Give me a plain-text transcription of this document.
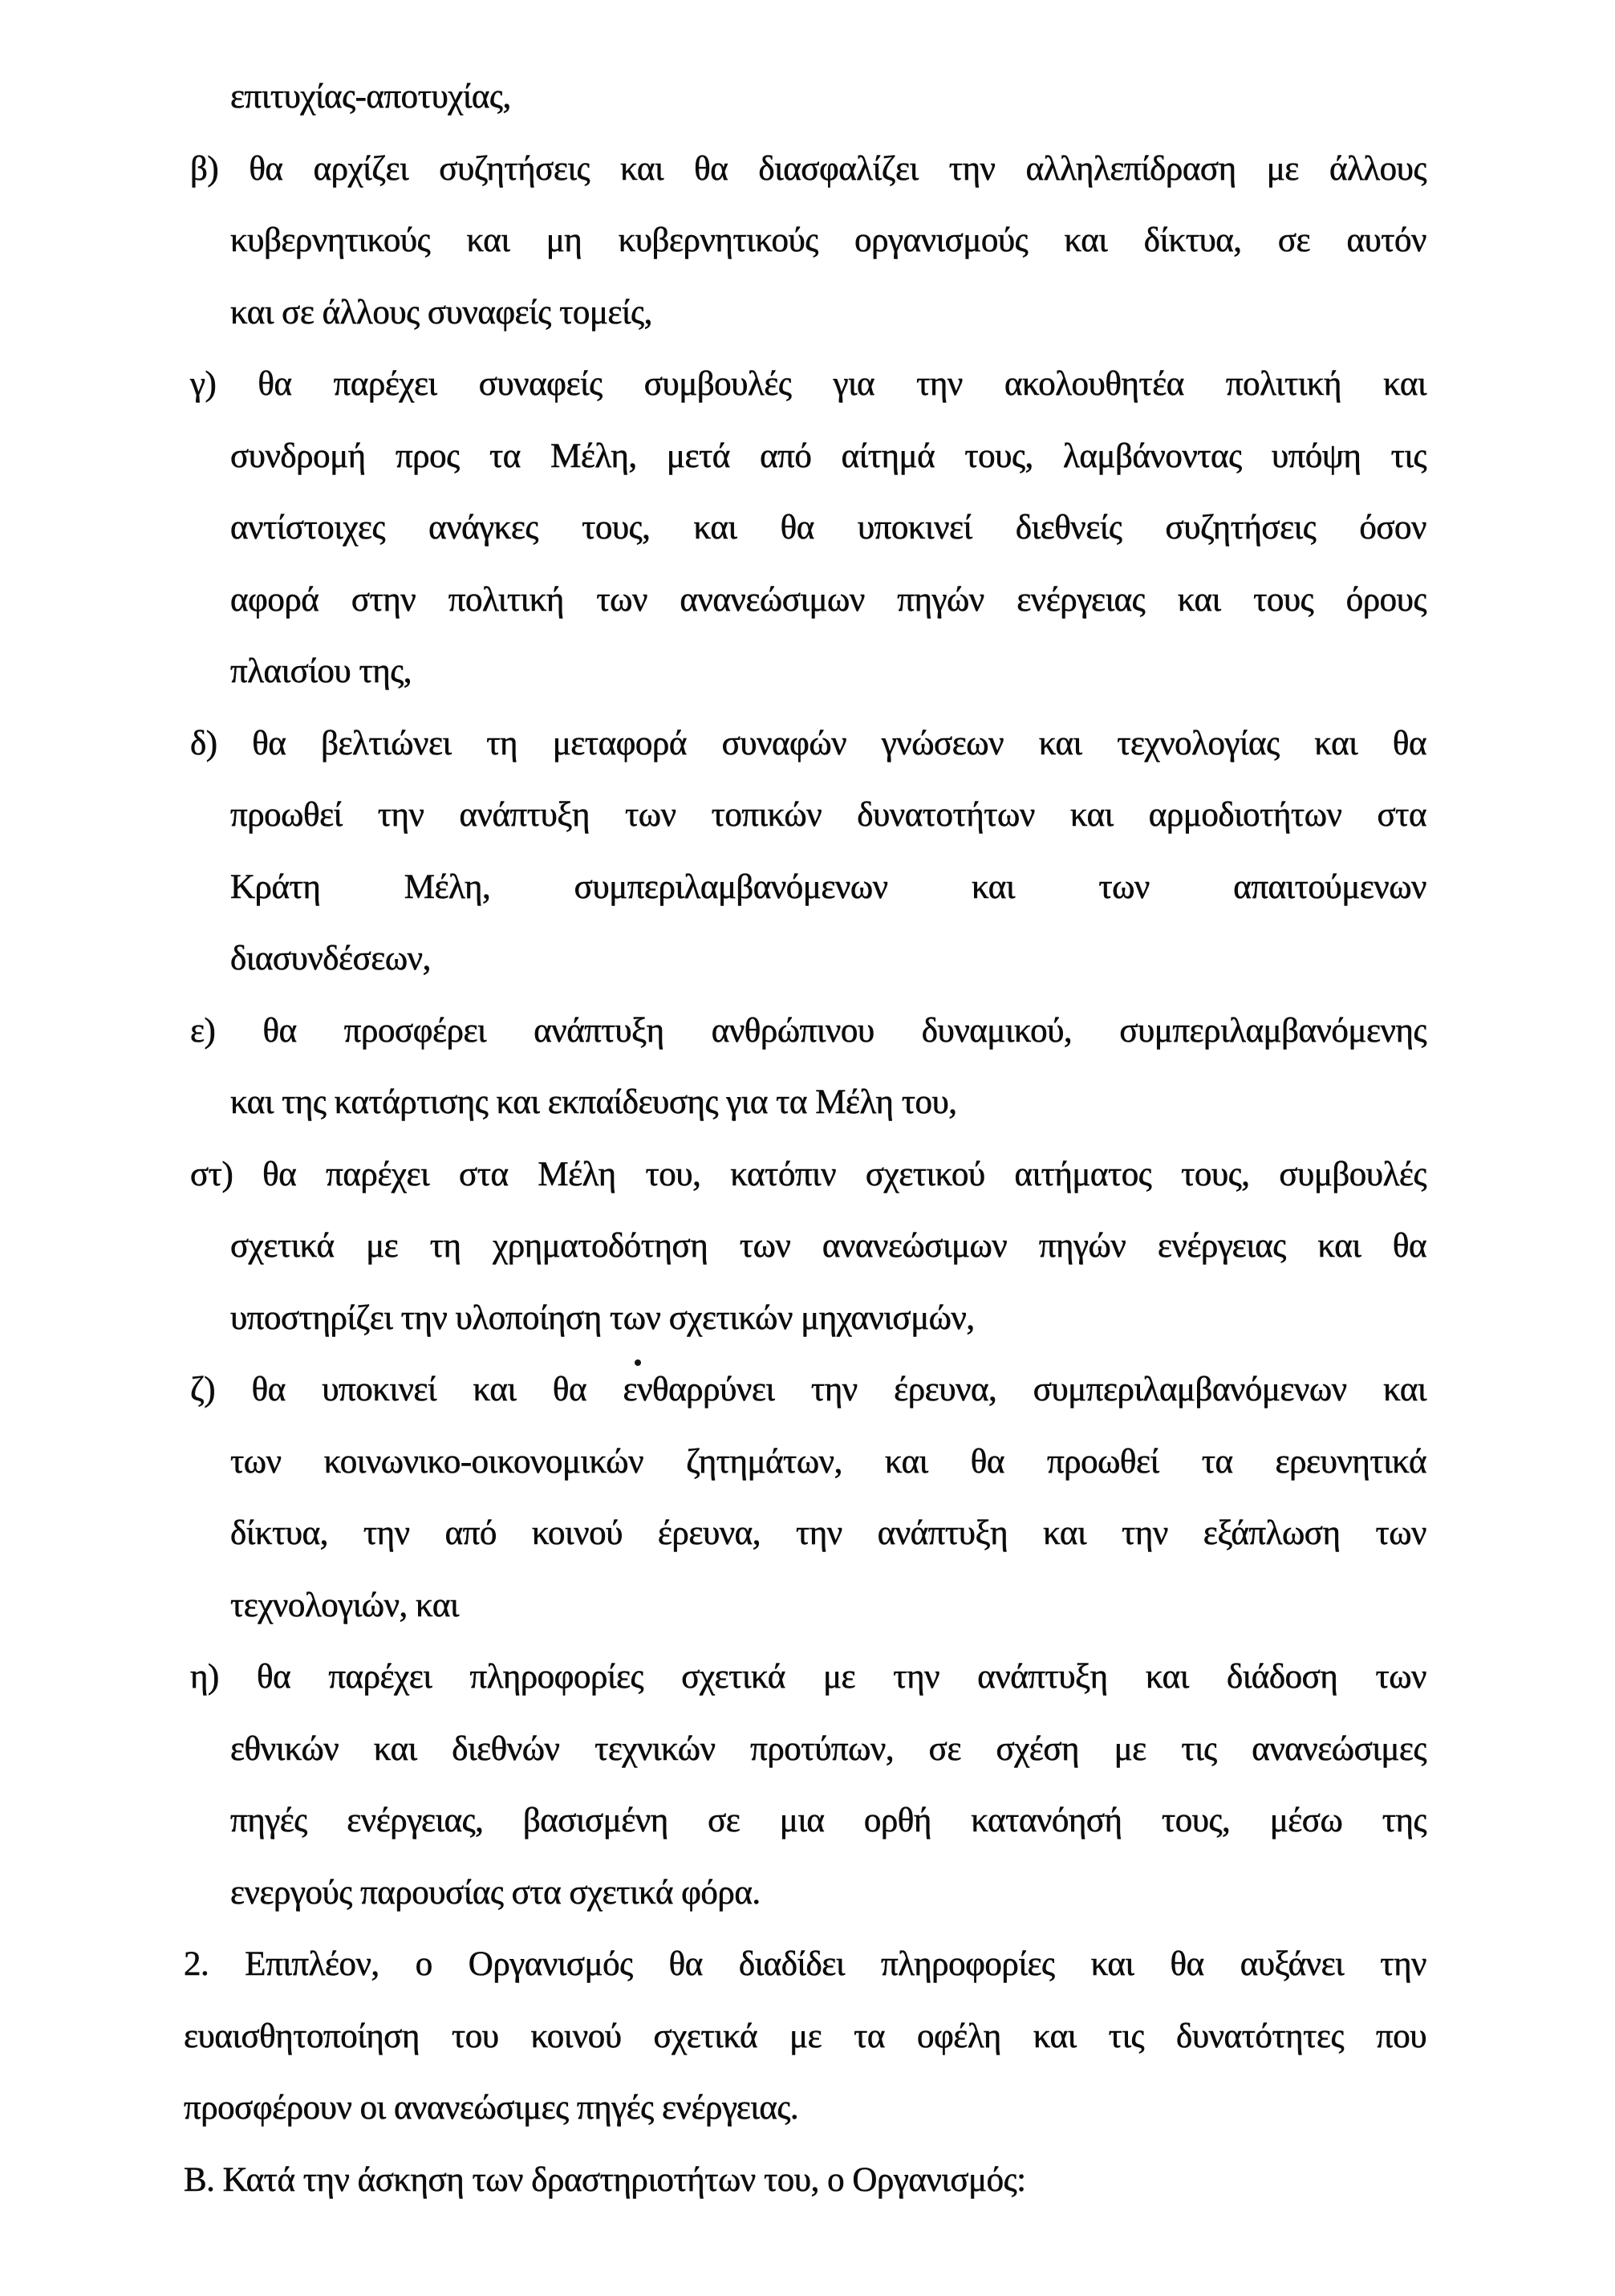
επιτυχίας-αποτυχίας,
β) θα αρχίζει συζητήσεις και θα διασφαλίζει την αλληλεπίδραση με άλλους
κυβερνητικούς και μη κυβερνητικούς οργανισμούς και δίκτυα, σε αυτόν
και σε άλλους συναφείς τομείς,
γ) θα παρέχει συναφείς συμβουλές για την ακολουθητέα πολιτική και
συνδρομή προς τα Μέλη, μετά από αίτημά τους, λαμβάνοντας υπόψη τις
αντίστοιχες ανάγκες τους, και θα υποκινεί διεθνείς συζητήσεις όσον
αφορά στην πολιτική των ανανεώσιμων πηγών ενέργειας και τους όρους
πλαισίου της,
δ) θα βελτιώνει τη μεταφορά συναφών γνώσεων και τεχνολογίας και θα
προωθεί την ανάπτυξη των τοπικών δυνατοτήτων και αρμοδιοτήτων στα
Κράτη Μέλη, συμπεριλαμβανόμενων και των απαιτούμενων
διασυνδέσεων,
ε) θα προσφέρει ανάπτυξη ανθρώπινου δυναμικού, συμπεριλαμβανόμενης
και της κατάρτισης και εκπαίδευσης για τα Μέλη του,
στ) θα παρέχει στα Μέλη του, κατόπιν σχετικού αιτήματος τους, συμβουλές
σχετικά με τη χρηματοδότηση των ανανεώσιμων πηγών ενέργειας και θα
υποστηρίζει την υλοποίηση των σχετικών μηχανισμών,
ζ) θα υποκινεί και θα ενθαρρύνει την έρευνα, συμπεριλαμβανόμενων και
των κοινωνικο-οικονομικών ζητημάτων, και θα προωθεί τα ερευνητικά
δίκτυα, την από κοινού έρευνα, την ανάπτυξη και την εξάπλωση των
τεχνολογιών, και
η) θα παρέχει πληροφορίες σχετικά με την ανάπτυξη και διάδοση των
εθνικών και διεθνών τεχνικών προτύπων, σε σχέση με τις ανανεώσιμες
πηγές ενέργειας, βασισμένη σε μια ορθή κατανόησή τους, μέσω της
ενεργούς παρουσίας στα σχετικά φόρα.
2. Επιπλέον, ο Οργανισμός θα διαδίδει πληροφορίες και θα αυξάνει την
ευαισθητοποίηση του κοινού σχετικά με τα οφέλη και τις δυνατότητες που
προσφέρουν οι ανανεώσιμες πηγές ενέργειας.
Β. Κατά την άσκηση των δραστηριοτήτων του, ο Οργανισμός:
